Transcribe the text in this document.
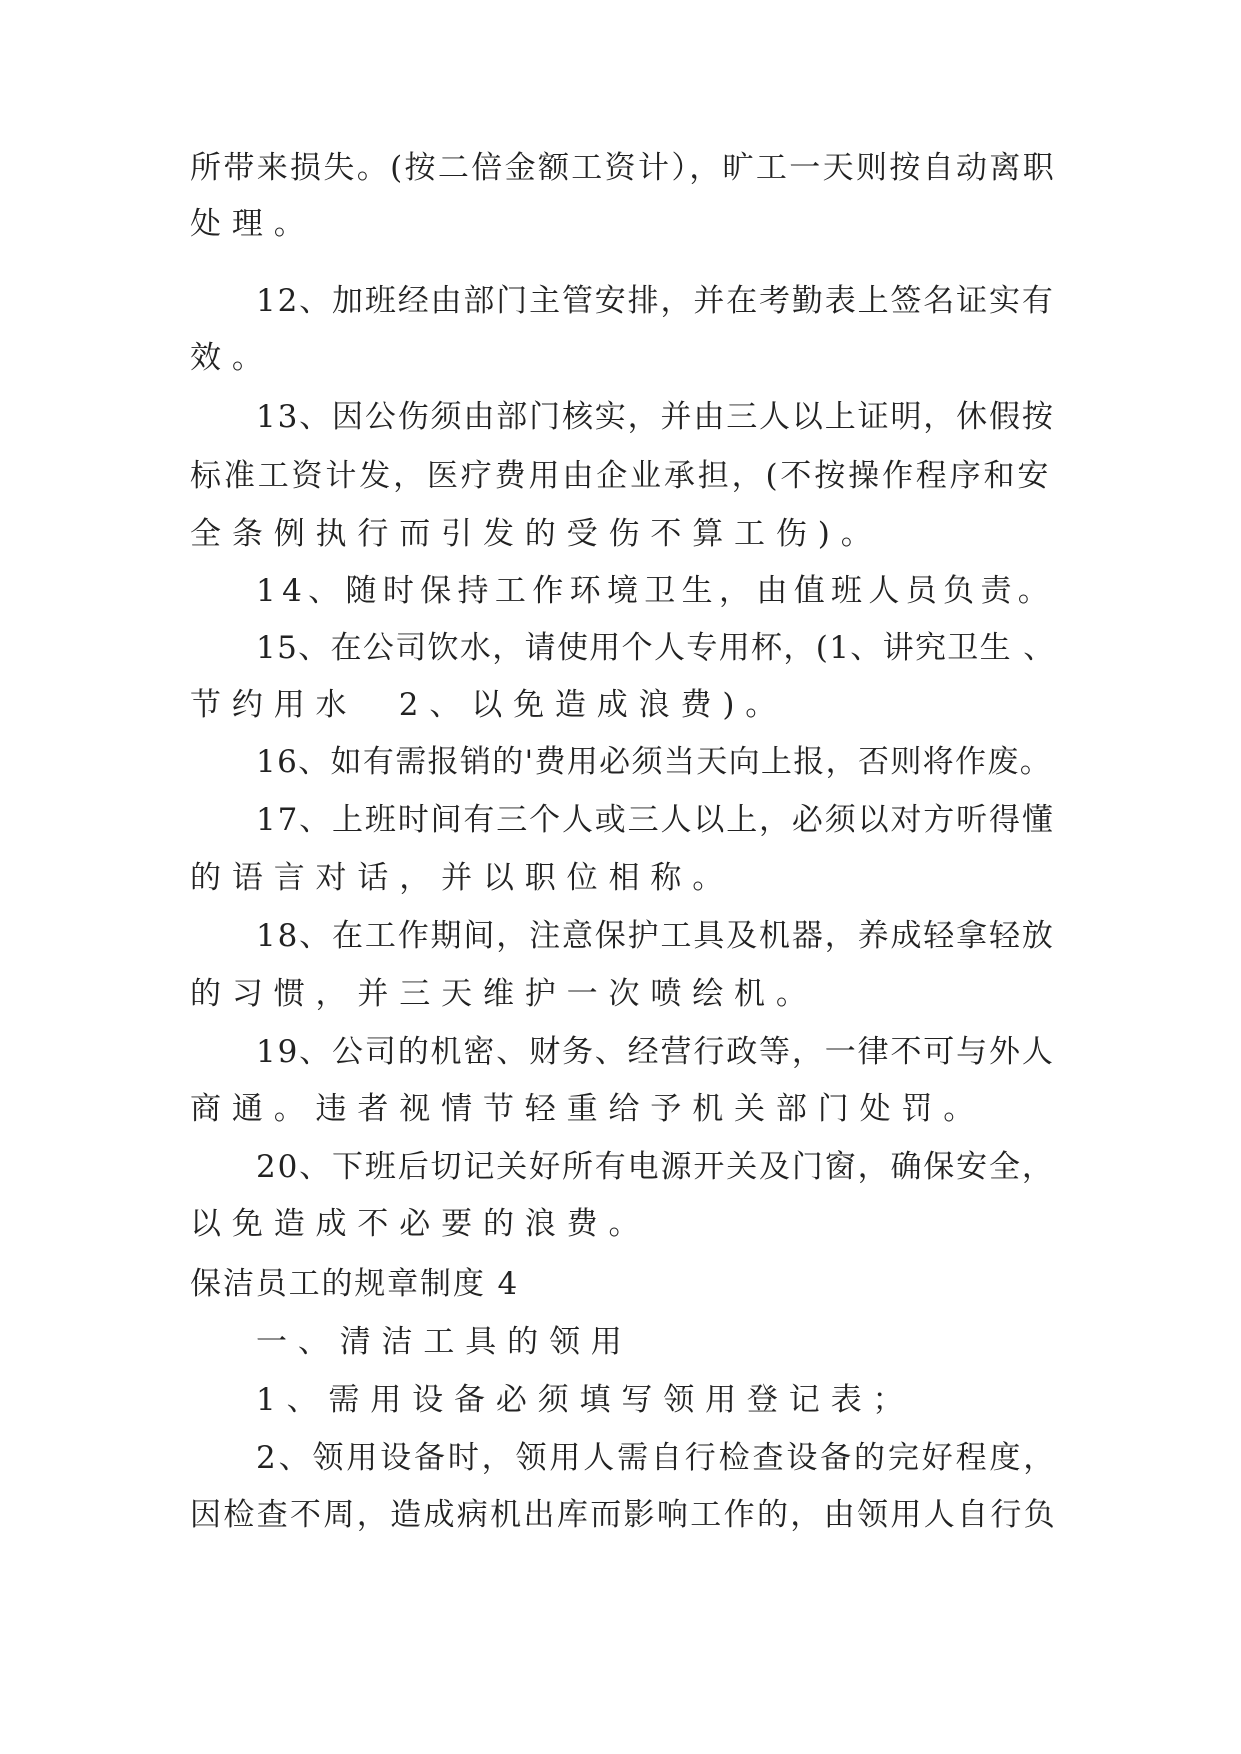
所带来损失。(按二倍金额工资计），旷工一天则按自动离职
处理。
12、加班经由部门主管安排，并在考勤表上签名证实有
效。
13、因公伤须由部门核实，并由三人以上证明，休假按
标准工资计发，医疗费用由企业承担，(不按操作程序和安
全条例执行而引发的受伤不算工伤)。
14、随时保持工作环境卫生，由值班人员负责。
15、在公司饮水，请使用个人专用杯，(1、讲究卫生 、
节约用水  2、以免造成浪费)。
16、如有需报销的'费用必须当天向上报，否则将作废。
17、上班时间有三个人或三人以上，必须以对方听得懂
的语言对话，并以职位相称。
18、在工作期间，注意保护工具及机器，养成轻拿轻放
的习惯，并三天维护一次喷绘机。
19、公司的机密、财务、经营行政等，一律不可与外人
商通。违者视情节轻重给予机关部门处罚。
20、下班后切记关好所有电源开关及门窗，确保安全，
以免造成不必要的浪费。
保洁员工的规章制度 4
一、清洁工具的领用
1、需用设备必须填写领用登记表；
2、领用设备时，领用人需自行检查设备的完好程度，
因检查不周，造成病机出库而影响工作的，由领用人自行负
